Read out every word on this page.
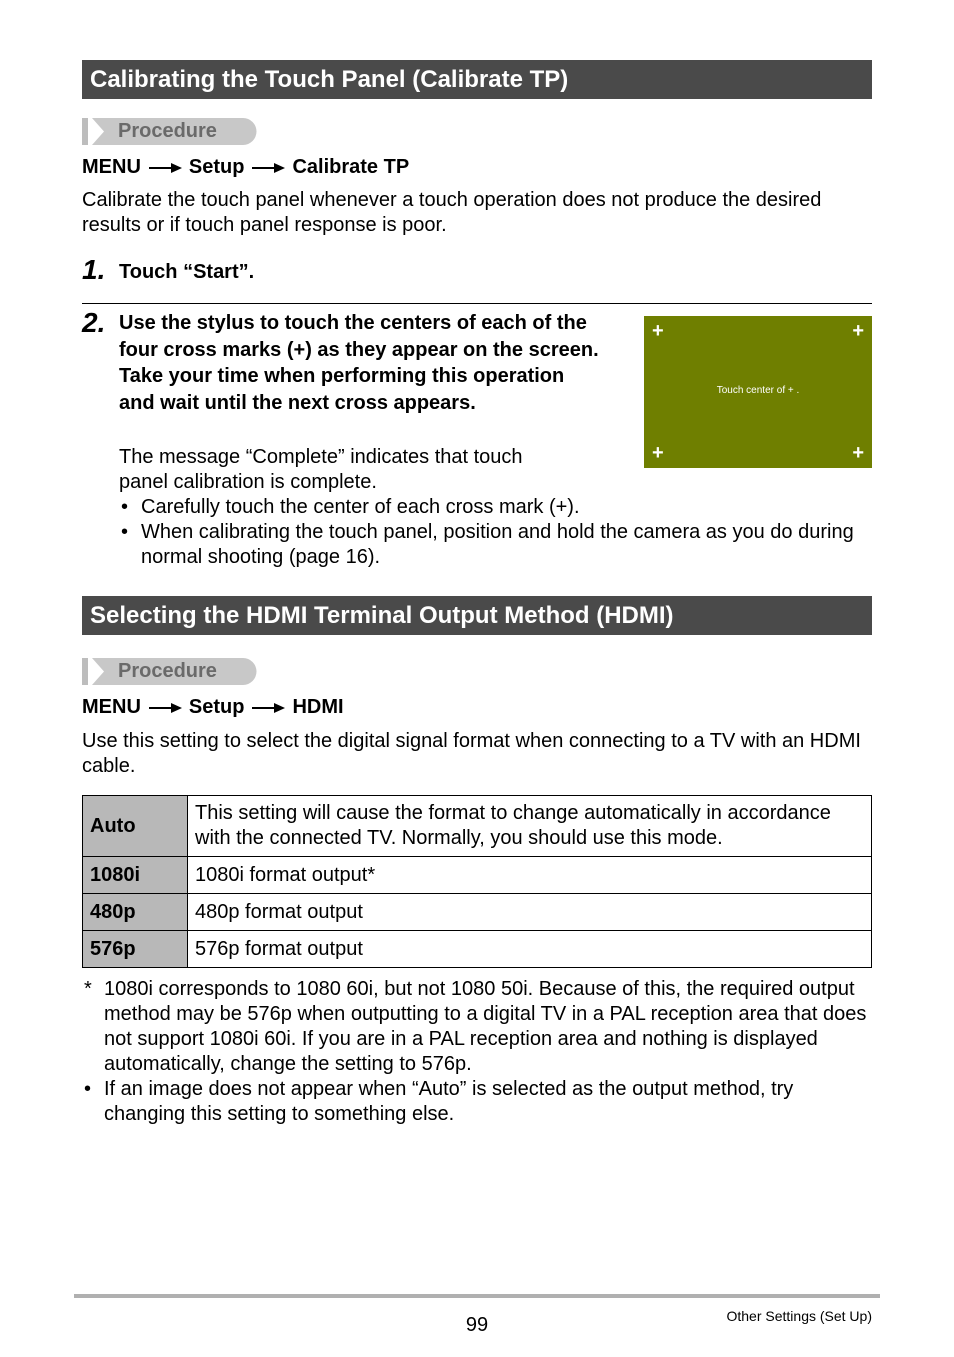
Calibrating the Touch Panel (Calibrate TP)
Procedure
MENU Setup Calibrate TP
Calibrate the touch panel whenever a touch operation does not produce the desired results or if touch panel response is poor.
1. Touch “Start”.
2. Use the stylus to touch the centers of each of the four cross marks (+) as they appear on the screen. Take your time when performing this operation and wait until the next cross appears.
The message “Complete” indicates that touch panel calibration is complete.
• Carefully touch the center of each cross mark (+).
• When calibrating the touch panel, position and hold the camera as you do during normal shooting (page 16).
+	+
+	+
Touch center of + .
Selecting the HDMI Terminal Output Method (HDMI)
Procedure
MENU Setup HDMI
Use this setting to select the digital signal format when connecting to a TV with an HDMI cable.
Auto	This setting will cause the format to change automatically in accordance with the connected TV. Normally, you should use this mode.
1080i	1080i format output*
480p	480p format output
576p	576p format output
* 1080i corresponds to 1080 60i, but not 1080 50i. Because of this, the required output method may be 576p when outputting to a digital TV in a PAL reception area that does not support 1080i 60i. If you are in a PAL reception area and nothing is displayed automatically, change the setting to 576p.
• If an image does not appear when “Auto” is selected as the output method, try changing this setting to something else.
99	Other Settings (Set Up)
